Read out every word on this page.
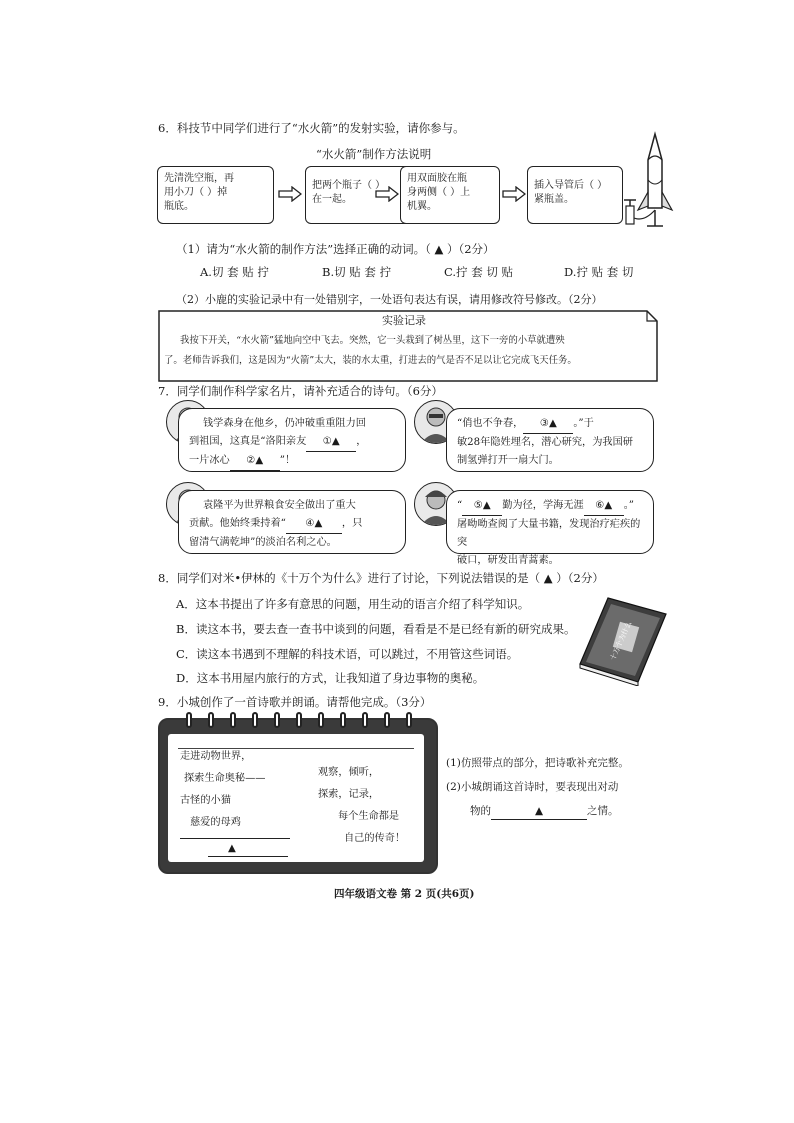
6．科技节中同学们进行了“水火箭”的发射实验，请你参与。
“水火箭”制作方法说明
先清洗空瓶，再
用小刀（ ）掉
瓶底。
把两个瓶子（ ）
在一起。
用双面胶在瓶
身两侧（ ）上
机翼。
插入导管后（ ）
紧瓶盖。
（1）请为“水火箭的制作方法”选择正确的动词。（ ▲ ）（2分）
A.切 套 贴 拧	B.切 贴 套 拧	C.拧 套 切 贴	D.拧 贴 套 切
（2）小鹿的实验记录中有一处错别字，一处语句表达有误，请用修改符号修改。（2分）
实验记录
我按下开关，“水火箭”猛地向空中飞去。突然，它一头栽到了树丛里，这下一旁的小草就遭殃
了。老师告诉我们，这是因为“火箭”太大，装的水太重，打进去的气是否不足以让它完成飞天任务。
7．同学们制作科学家名片，请补充适合的诗句。（6分）
钱学森身在他乡，仍冲破重重阻力回
到祖国，这真是“洛阳亲友 ①▲ ，
一片冰心 ②▲ ”！
“俏也不争春， ③▲ 。”于
敏28年隐姓埋名，潜心研究，为我国研
制氢弹打开一扇大门。
袁隆平为世界粮食安全做出了重大
贡献。他始终秉持着“ ④▲ ，只
留清气满乾坤”的淡泊名利之心。
“ ⑤▲ 勤为径，学海无涯 ⑥▲ 。”
屠呦呦查阅了大量书籍，发现治疗疟疾的突
破口，研发出青蒿素。
8．同学们对米•伊林的《十万个为什么》进行了讨论，下列说法错误的是（ ▲ ）（2分）
A．这本书提出了许多有意思的问题，用生动的语言介绍了科学知识。
B．读这本书，要去查一查书中谈到的问题，看看是不是已经有新的研究成果。
C．读这本书遇到不理解的科技术语，可以跳过，不用管这些词语。
D．这本书用屋内旅行的方式，让我知道了身边事物的奥秘。
十万个为什么
9．小城创作了一首诗歌并朗诵。请帮他完成。（3分）
走进动物世界，
探索生命奥秘——
古怪的小猫
慈爱的母鸡
▲
观察，倾听，
探索，记录，
每个生命都是
自己的传奇！
(1)仿照带点的部分，把诗歌补充完整。
(2)小城朗诵这首诗时，要表现出对动
物的	▲	之情。
四年级语文卷 第 2 页(共6页)
